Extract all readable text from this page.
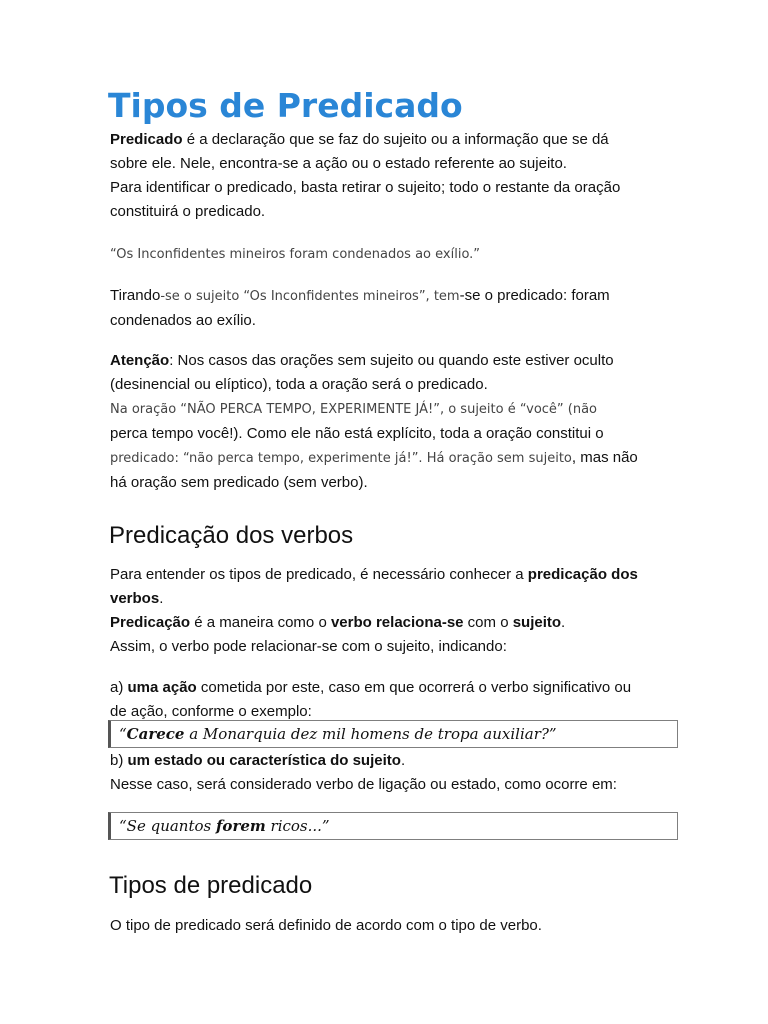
Tipos de Predicado

Predicado é a declaração que se faz do sujeito ou a informação que se dá
sobre ele. Nele, encontra-se a ação ou o estado referente ao sujeito.
Para identificar o predicado, basta retirar o sujeito; todo o restante da oração
constituirá o predicado.

“Os Inconfidentes mineiros foram condenados ao exílio.”

Tirando-se o sujeito “Os Inconfidentes mineiros”, tem-se o predicado: foram
condenados ao exílio.

Atenção: Nos casos das orações sem sujeito ou quando este estiver oculto
(desinencial ou elíptico), toda a oração será o predicado.
Na oração “NÃO PERCA TEMPO, EXPERIMENTE JÁ!”, o sujeito é “você” (não
perca tempo você!). Como ele não está explícito, toda a oração constitui o
predicado: “não perca tempo, experimente já!”. Há oração sem sujeito, mas não
há oração sem predicado (sem verbo).

Predicação dos verbos

Para entender os tipos de predicado, é necessário conhecer a predicação dos
verbos.
Predicação é a maneira como o verbo relaciona-se com o sujeito.
Assim, o verbo pode relacionar-se com o sujeito, indicando:

a) uma ação cometida por este, caso em que ocorrerá o verbo significativo ou
de ação, conforme o exemplo:

“Carece a Monarquia dez mil homens de tropa auxiliar?”

b) um estado ou característica do sujeito.
Nesse caso, será considerado verbo de ligação ou estado, como ocorre em:

“Se quantos forem ricos...”
Tipos de predicado

O tipo de predicado será definido de acordo com o tipo de verbo.
